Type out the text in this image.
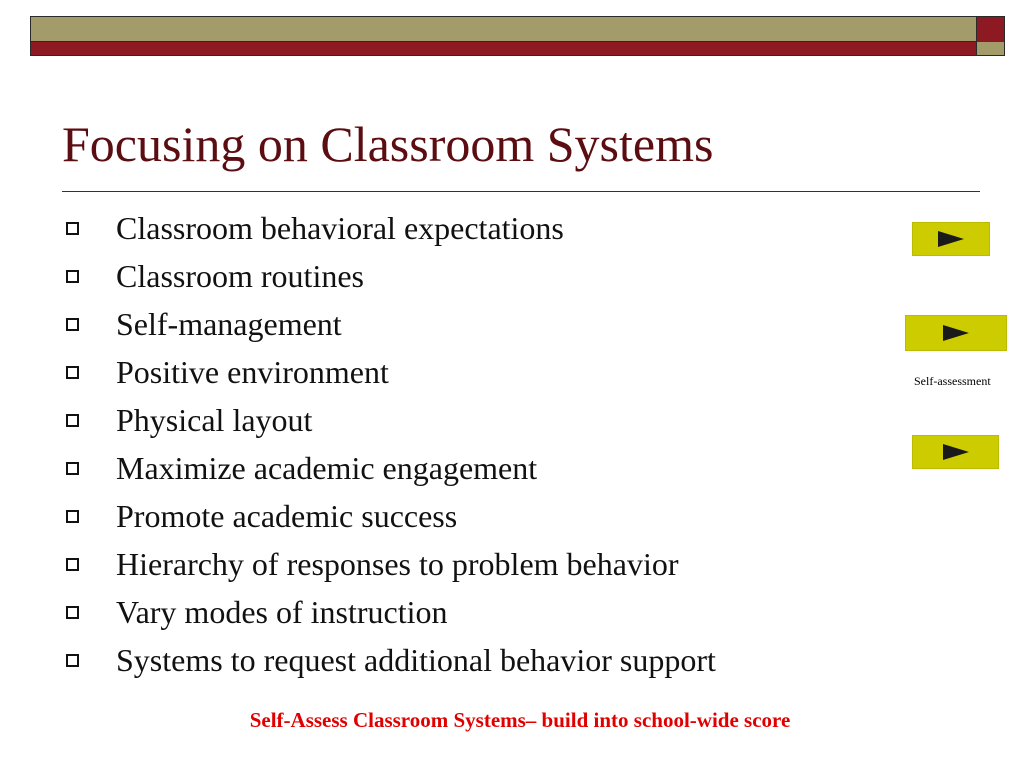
Focusing on Classroom Systems
Classroom behavioral expectations
Classroom routines
Self-management
Positive environment
Physical layout
Maximize academic engagement
Promote academic success
Hierarchy of responses to problem behavior
Vary modes of instruction
Systems to request additional behavior support
Self-assessment
Self-Assess Classroom Systems– build into school-wide score
